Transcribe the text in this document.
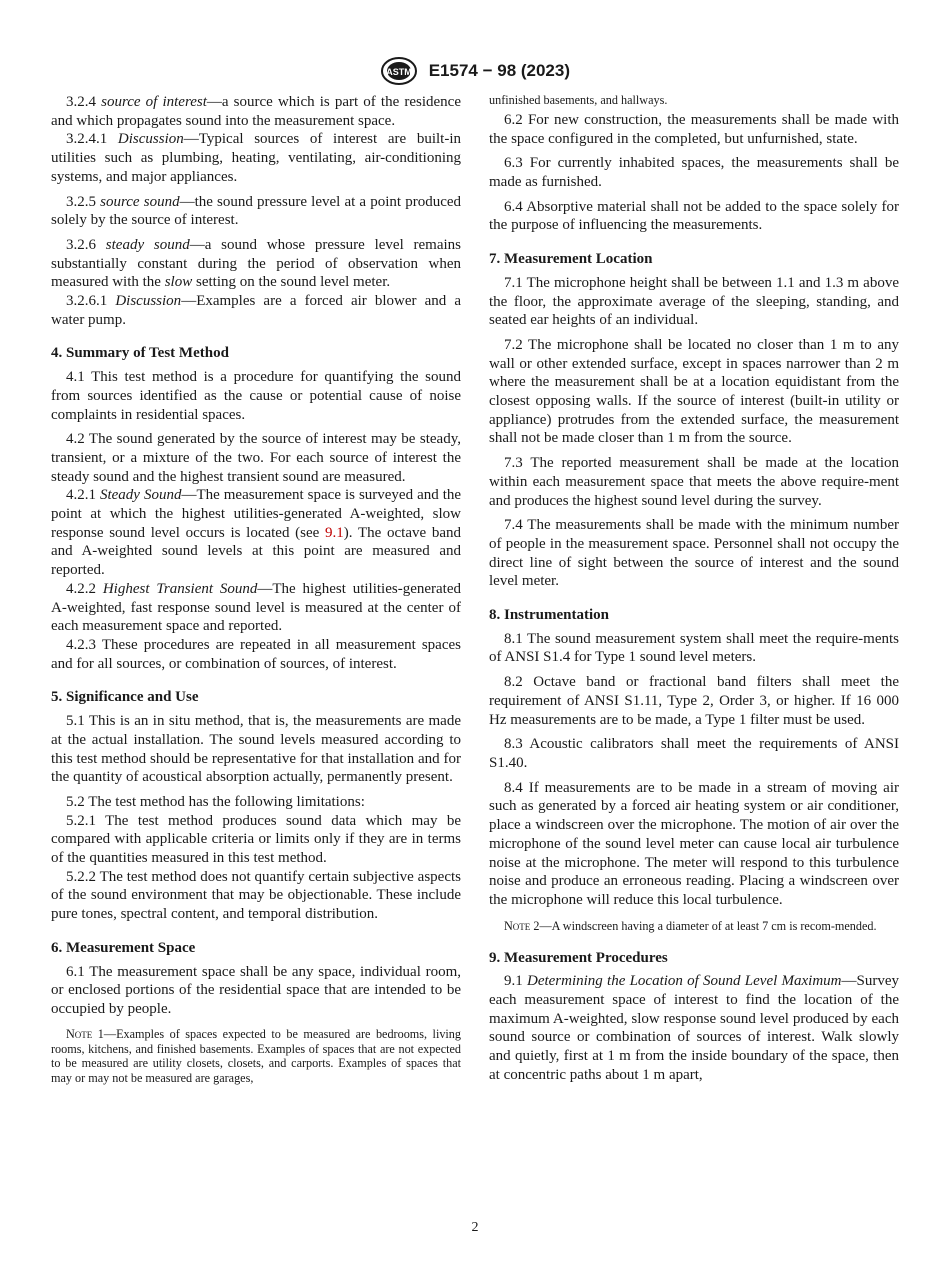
ASTM E1574 − 98 (2023)

3.2.4 source of interest—a source which is part of the residence and which propagates sound into the measurement space.

3.2.4.1 Discussion—Typical sources of interest are built-in utilities such as plumbing, heating, ventilating, air-conditioning systems, and major appliances.

3.2.5 source sound—the sound pressure level at a point produced solely by the source of interest.

3.2.6 steady sound—a sound whose pressure level remains substantially constant during the period of observation when measured with the slow setting on the sound level meter.

3.2.6.1 Discussion—Examples are a forced air blower and a water pump.

4. Summary of Test Method

4.1 This test method is a procedure for quantifying the sound from sources identified as the cause or potential cause of noise complaints in residential spaces.

4.2 The sound generated by the source of interest may be steady, transient, or a mixture of the two. For each source of interest the steady sound and the highest transient sound are measured.

4.2.1 Steady Sound—The measurement space is surveyed and the point at which the highest utilities-generated A-weighted, slow response sound level occurs is located (see 9.1). The octave band and A-weighted sound levels at this point are measured and reported.

4.2.2 Highest Transient Sound—The highest utilities-generated A-weighted, fast response sound level is measured at the center of each measurement space and reported.

4.2.3 These procedures are repeated in all measurement spaces and for all sources, or combination of sources, of interest.

5. Significance and Use

5.1 This is an in situ method, that is, the measurements are made at the actual installation. The sound levels measured according to this test method should be representative for that installation and for the quantity of acoustical absorption actually, permanently present.

5.2 The test method has the following limitations:

5.2.1 The test method produces sound data which may be compared with applicable criteria or limits only if they are in terms of the quantities measured in this test method.

5.2.2 The test method does not quantify certain subjective aspects of the sound environment that may be objectionable. These include pure tones, spectral content, and temporal distribution.

6. Measurement Space

6.1 The measurement space shall be any space, individual room, or enclosed portions of the residential space that are intended to be occupied by people.

Note 1—Examples of spaces expected to be measured are bedrooms, living rooms, kitchens, and finished basements. Examples of spaces that are not expected to be measured are utility closets, closets, and carports. Examples of spaces that may or may not be measured are garages,

unfinished basements, and hallways.

6.2 For new construction, the measurements shall be made with the space configured in the completed, but unfurnished, state.

6.3 For currently inhabited spaces, the measurements shall be made as furnished.

6.4 Absorptive material shall not be added to the space solely for the purpose of influencing the measurements.

7. Measurement Location

7.1 The microphone height shall be between 1.1 and 1.3 m above the floor, the approximate average of the sleeping, standing, and seated ear heights of an individual.

7.2 The microphone shall be located no closer than 1 m to any wall or other extended surface, except in spaces narrower than 2 m where the measurement shall be at a location equidistant from the closest opposing walls. If the source of interest (built-in utility or appliance) protrudes from the extended surface, the measurement shall not be made closer than 1 m from the source.

7.3 The reported measurement shall be made at the location within each measurement space that meets the above require-ment and produces the highest sound level during the survey.

7.4 The measurements shall be made with the minimum number of people in the measurement space. Personnel shall not occupy the direct line of sight between the source of interest and the sound level meter.

8. Instrumentation

8.1 The sound measurement system shall meet the require-ments of ANSI S1.4 for Type 1 sound level meters.

8.2 Octave band or fractional band filters shall meet the requirement of ANSI S1.11, Type 2, Order 3, or higher. If 16 000 Hz measurements are to be made, a Type 1 filter must be used.

8.3 Acoustic calibrators shall meet the requirements of ANSI S1.40.

8.4 If measurements are to be made in a stream of moving air such as generated by a forced air heating system or air conditioner, place a windscreen over the microphone. The motion of air over the microphone of the sound level meter can cause local air turbulence noise at the microphone. The meter will respond to this turbulence noise and produce an erroneous reading. Placing a windscreen over the microphone will reduce this local turbulence.

Note 2—A windscreen having a diameter of at least 7 cm is recom-mended.

9. Measurement Procedures

9.1 Determining the Location of Sound Level Maximum—Survey each measurement space of interest to find the location of the maximum A-weighted, slow response sound level produced by each sound source or combination of sources of interest. Walk slowly and quietly, first at 1 m from the inside boundary of the space, then at concentric paths about 1 m apart,

2
